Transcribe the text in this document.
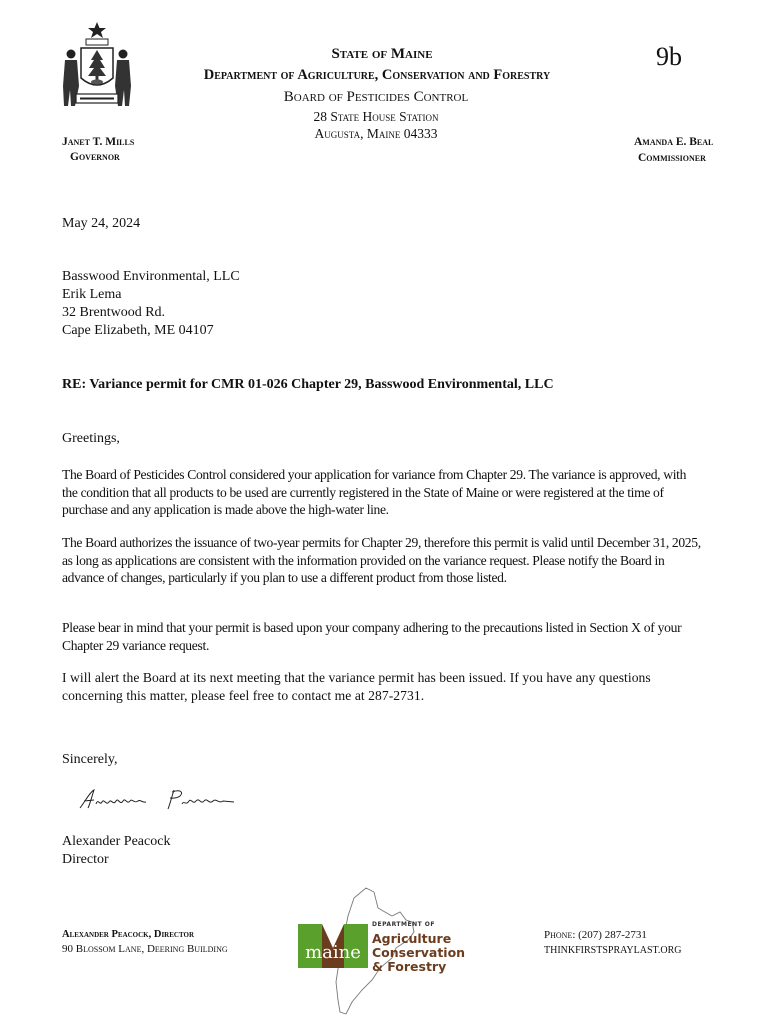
State of Maine
Department of Agriculture, Conservation and Forestry
Board of Pesticides Control
28 State House Station
Augusta, Maine 04333
9b
Janet T. Mills
Governor
Amanda E. Beal
Commissioner
May 24, 2024
Basswood Environmental, LLC
Erik Lema
32 Brentwood Rd.
Cape Elizabeth, ME 04107
RE: Variance permit for CMR 01-026 Chapter 29, Basswood Environmental, LLC
Greetings,
The Board of Pesticides Control considered your application for variance from Chapter 29. The variance is approved, with the condition that all products to be used are currently registered in the State of Maine or were registered at the time of purchase and any application is made above the high-water line.
The Board authorizes the issuance of two-year permits for Chapter 29, therefore this permit is valid until December 31, 2025, as long as applications are consistent with the information provided on the variance request. Please notify the Board in advance of changes, particularly if you plan to use a different product from those listed.
Please bear in mind that your permit is based upon your company adhering to the precautions listed in Section X of your Chapter 29 variance request.
I will alert the Board at its next meeting that the variance permit has been issued. If you have any questions concerning this matter, please feel free to contact me at 287-2731.
Sincerely,
Alexander Peacock
Director
Alexander Peacock, Director
90 Blossom Lane, Deering Building	maine
DEPARTMENT OF
Agriculture
Conservation
& Forestry
Phone: (207) 287-2731
THINKFIRSTSPRAYLAST.ORG
